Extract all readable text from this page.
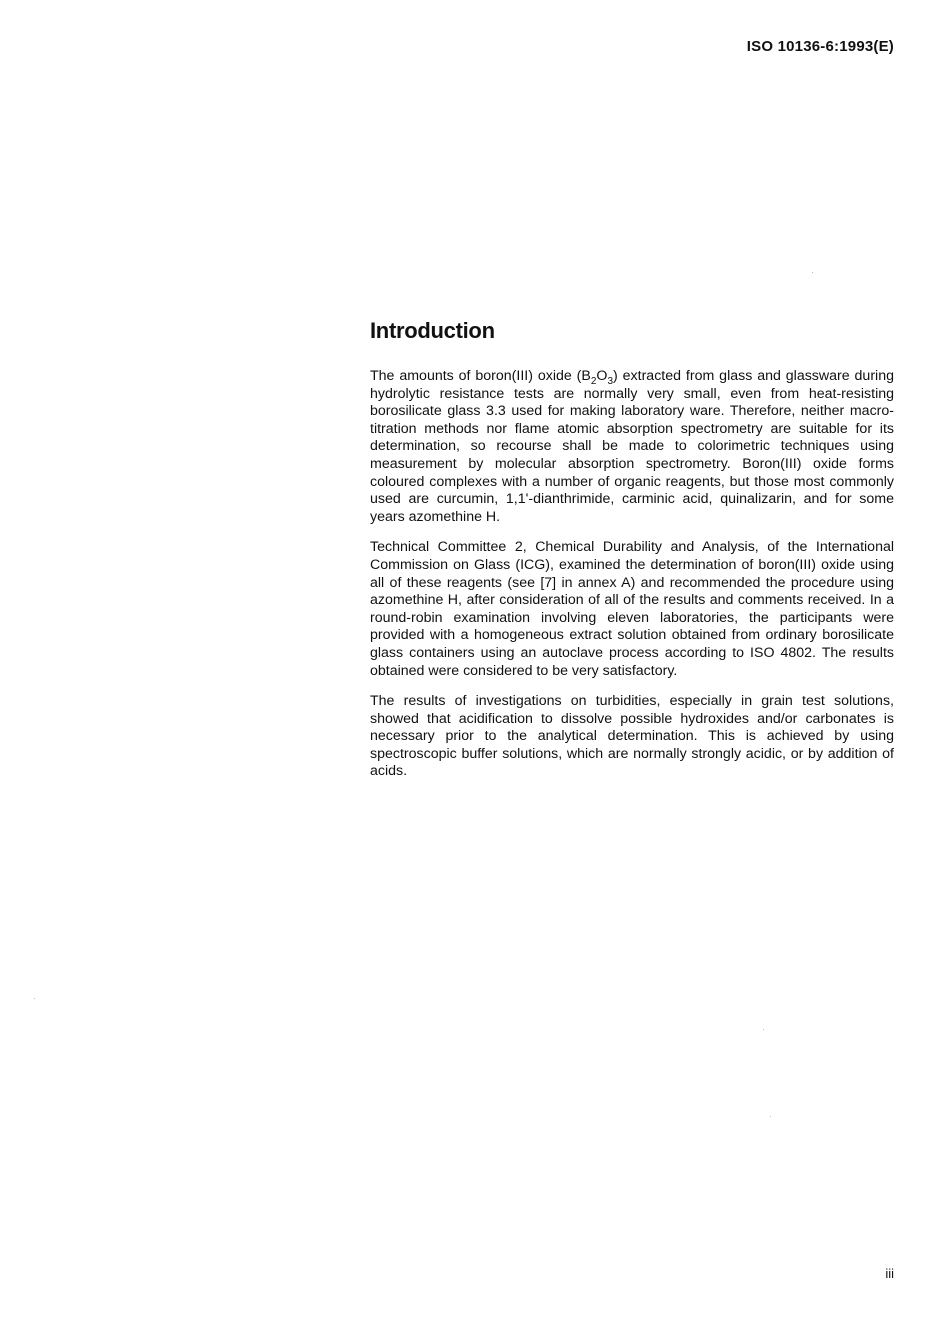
ISO 10136-6:1993(E)
Introduction

The amounts of boron(III) oxide $(B_2O_3)$ extracted from glass and glassware during hydrolytic resistance tests are normally very small, even from heat-resisting borosilicate glass 3.3 used for making laboratory ware. Therefore, neither macro-titration methods nor flame atomic absorption spectrometry are suitable for its determination, so recourse shall be made to colorimetric techniques using measurement by molecular absorption spectrometry. Boron(III) oxide forms coloured complexes with a number of organic reagents, but those most commonly used are curcumin, 1,1'-dianthrimide, carminic acid, quinalizarin, and for some years azomethine H.

Technical Committee 2, Chemical Durability and Analysis, of the International Commission on Glass (ICG), examined the determination of boron(III) oxide using all of these reagents (see [7] in annex A) and recommended the procedure using azomethine H, after consideration of all of the results and comments received. In a round-robin examination involving eleven laboratories, the participants were provided with a homogeneous extract solution obtained from ordinary borosilicate glass containers using an autoclave process according to ISO 4802. The results obtained were considered to be very satisfactory.

The results of investigations on turbidities, especially in grain test solutions, showed that acidification to dissolve possible hydroxides and/or carbonates is necessary prior to the analytical determination. This is achieved by using spectroscopic buffer solutions, which are normally strongly acidic, or by addition of acids.

iii
